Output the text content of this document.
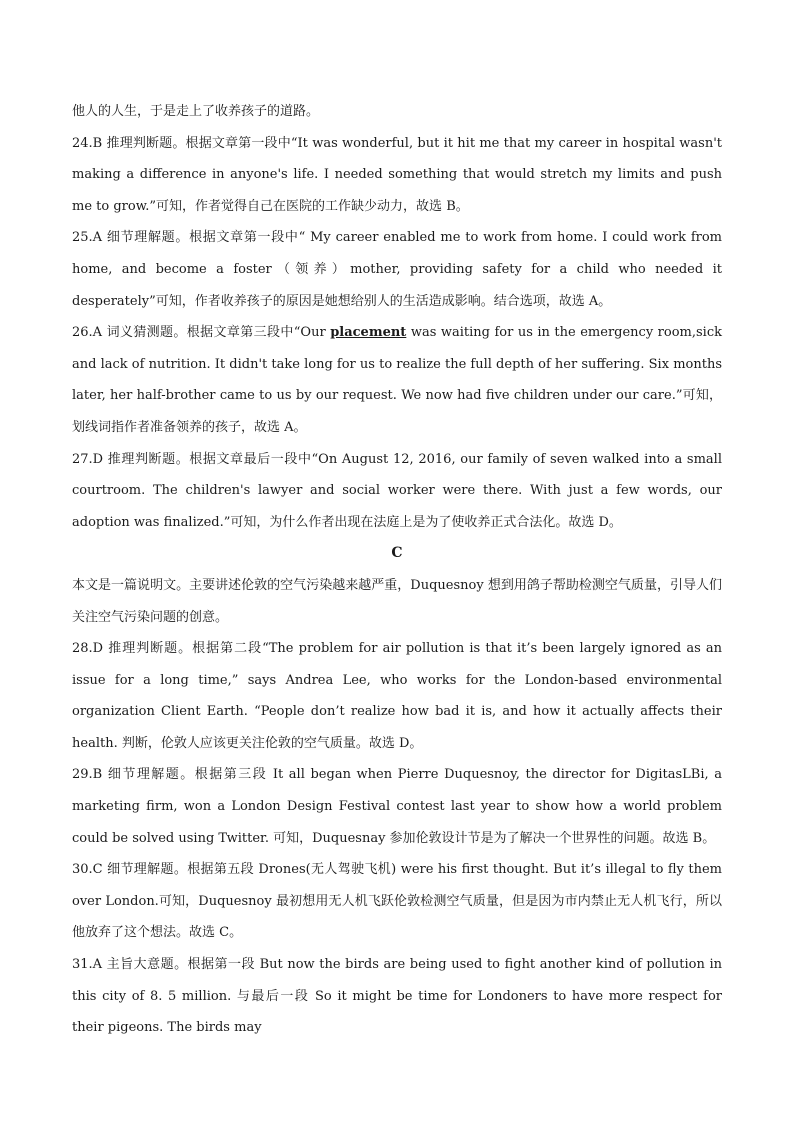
他人的人生，于是走上了收养孩子的道路。

24.B 推理判断题。根据文章第一段中“It was wonderful, but it hit me that my career in hospital wasn't making a difference in anyone's life. I needed something that would stretch my limits and push me to grow.”可知，作者觉得自己在医院的工作缺少动力，故选 B。

25.A 细节理解题。根据文章第一段中“ My career enabled me to work from home. I could work from home, and become a foster（领养）mother, providing safety for a child who needed it desperately”可知，作者收养孩子的原因是她想给别人的生活造成影响。结合选项，故选 A。

26.A 词义猜测题。根据文章第三段中“Our placement was waiting for us in the emergency room,sick and lack of nutrition. It didn't take long for us to realize the full depth of her suffering. Six months later, her half-brother came to us by our request. We now had five children under our care.”可知，划线词指作者准备领养的孩子，故选 A。

27.D 推理判断题。根据文章最后一段中“On August 12, 2016, our family of seven walked into a small courtroom. The children's lawyer and social worker were there. With just a few words, our adoption was finalized.”可知，为什么作者出现在法庭上是为了使收养正式合法化。故选 D。

C

本文是一篇说明文。主要讲述伦敦的空气污染越来越严重，Duquesnoy 想到用鸽子帮助检测空气质量，引导人们关注空气污染问题的创意。

28.D 推理判断题。根据第二段“The problem for air pollution is that it’s been largely ignored as an issue for a long time,” says Andrea Lee, who works for the London-based environmental organization Client Earth. “People don’t realize how bad it is, and how it actually affects their health. 判断，伦敦人应该更关注伦敦的空气质量。故选 D。

29.B 细节理解题。根据第三段 It all began when Pierre Duquesnoy, the director for DigitasLBi, a marketing firm, won a London Design Festival contest last year to show how a world problem could be solved using Twitter. 可知，Duquesnay 参加伦敦设计节是为了解决一个世界性的问题。故选 B。

30.C 细节理解题。根据第五段 Drones(无人驾驶飞机) were his first thought. But it’s illegal to fly them over London.可知，Duquesnoy 最初想用无人机飞跃伦敦检测空气质量，但是因为市内禁止无人机飞行，所以他放弃了这个想法。故选 C。

31.A 主旨大意题。根据第一段 But now the birds are being used to fight another kind of pollution in this city of 8. 5 million. 与最后一段 So it might be time for Londoners to have more respect for their pigeons. The birds may
